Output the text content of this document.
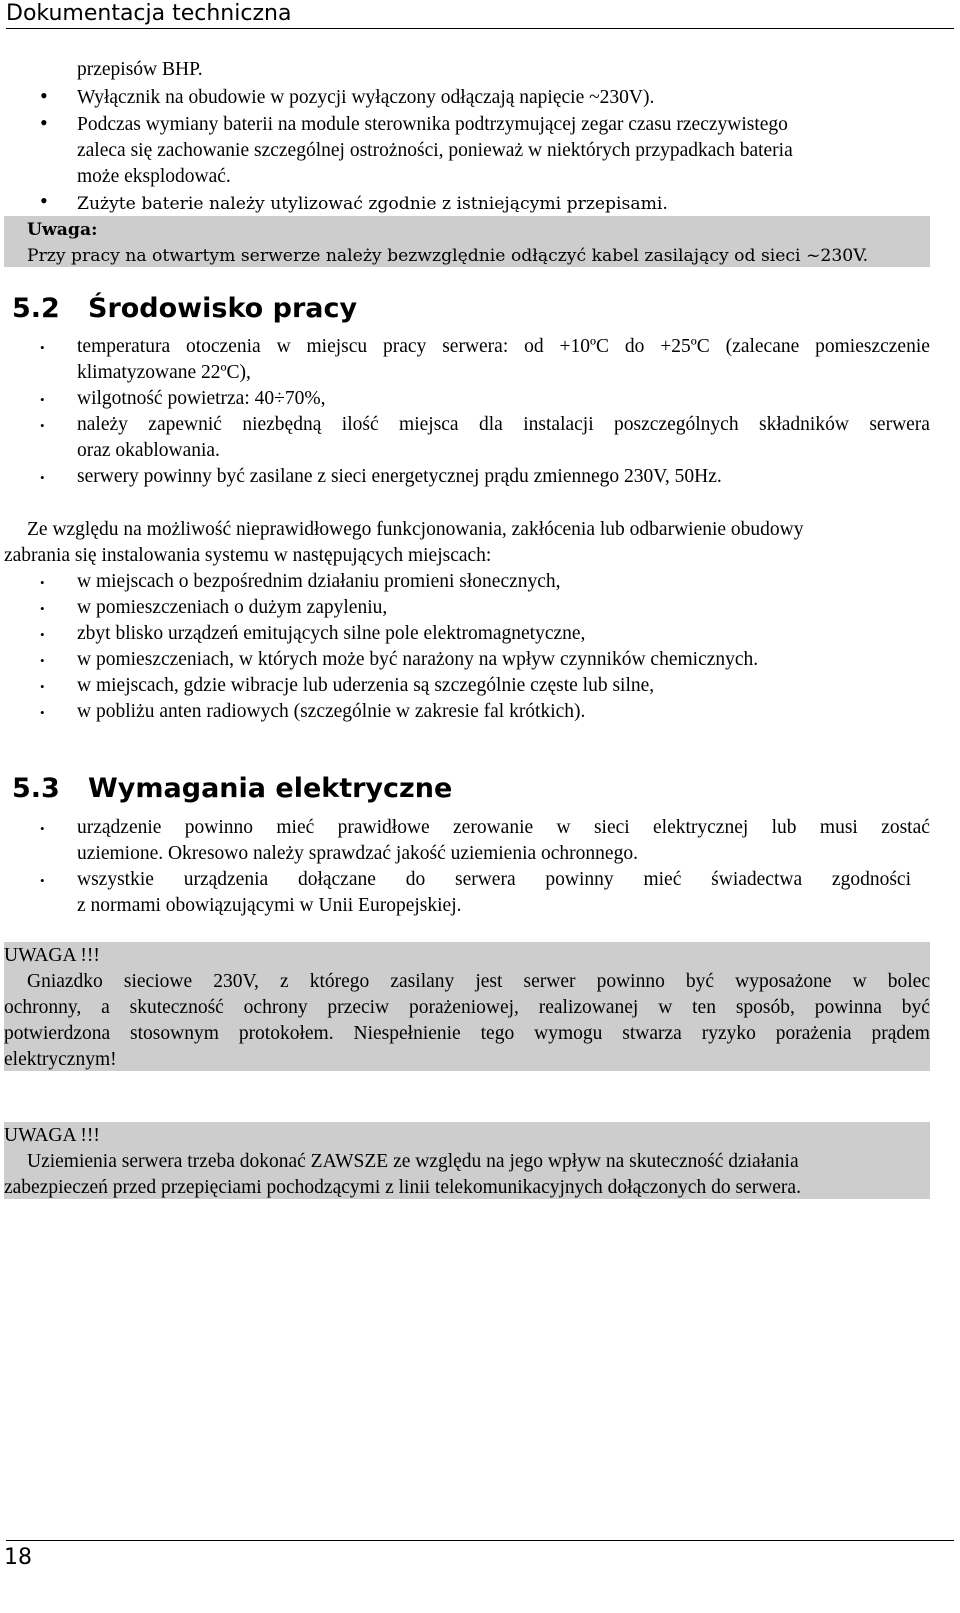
Dokumentacja techniczna
przepisów BHP.
• Wyłącznik na obudowie w pozycji wyłączony odłączają napięcie ~230V).
• Podczas wymiany baterii na module sterownika podtrzymującej zegar czasu rzeczywistego
zaleca się zachowanie szczególnej ostrożności, ponieważ w niektórych przypadkach bateria
może eksplodować.
• Zużyte baterie należy utylizować zgodnie z istniejącymi przepisami.
Uwaga:
Przy pracy na otwartym serwerze należy bezwzględnie odłączyć kabel zasilający od sieci ~230V.
5.2 Środowisko pracy
• temperatura otoczenia w miejscu pracy serwera: od +10ºC do +25ºC (zalecane pomieszczenie
klimatyzowane 22ºC),
• wilgotność powietrza: 40÷70%,
• należy zapewnić niezbędną ilość miejsca dla instalacji poszczególnych składników serwera
oraz okablowania.
• serwery powinny być zasilane z sieci energetycznej prądu zmiennego 230V, 50Hz.
Ze względu na możliwość nieprawidłowego funkcjonowania, zakłócenia lub odbarwienie obudowy
zabrania się instalowania systemu w następujących miejscach:
• w miejscach o bezpośrednim działaniu promieni słonecznych,
• w pomieszczeniach o dużym zapyleniu,
• zbyt blisko urządzeń emitujących silne pole elektromagnetyczne,
• w pomieszczeniach, w których może być narażony na wpływ czynników chemicznych.
• w miejscach, gdzie wibracje lub uderzenia są szczególnie częste lub silne,
• w pobliżu anten radiowych (szczególnie w zakresie fal krótkich).
5.3 Wymagania elektryczne
• urządzenie powinno mieć prawidłowe zerowanie w sieci elektrycznej lub musi zostać
uziemione. Okresowo należy sprawdzać jakość uziemienia ochronnego.
• wszystkie urządzenia dołączane do serwera powinny mieć świadectwa zgodności
z normami obowiązującymi w Unii Europejskiej.
UWAGA !!!
Gniazdko sieciowe 230V, z którego zasilany jest serwer powinno być wyposażone w bolec
ochronny, a skuteczność ochrony przeciw porażeniowej, realizowanej w ten sposób, powinna być
potwierdzona stosownym protokołem. Niespełnienie tego wymogu stwarza ryzyko porażenia prądem
elektrycznym!
UWAGA !!!
Uziemienia serwera trzeba dokonać ZAWSZE ze względu na jego wpływ na skuteczność działania
zabezpieczeń przed przepięciami pochodzącymi z linii telekomunikacyjnych dołączonych do serwera.
18
